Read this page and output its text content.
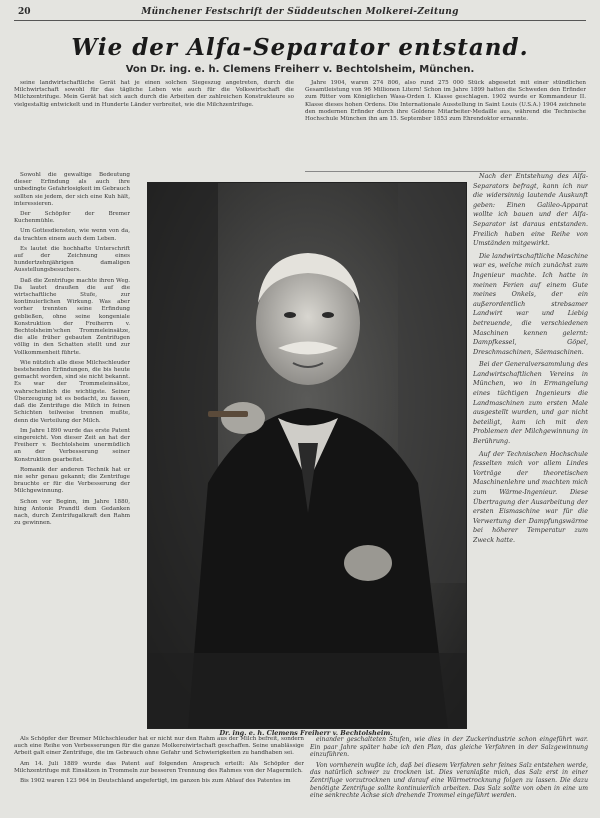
20	Münchener Festschrift der Süddeutschen Molkerei-Zeitung
Wie der Alfa-Separator entstand.
Von Dr. ing. e. h. Clemens Freiherr v. Bechtolsheim, München.

seine landwirtschaftliche Gerät hat je einen solchen Siegeszug angetreten, durch die Milchwirtschaft sowohl für das tägliche Leben wie auch für die Volkswirtschaft die Milchzentrifuge. Mein Gerät hat sich auch durch die Arbeiten der zahlreichen Konstrukteure so vielgestaltig entwickelt und in Hunderte Länder verbreitet, wie die Milchzentrifuge.

Jahre 1904, waren 274 806, also rund 275 000 Stück abgesetzt mit einer stündlichen Gesamtleistung von 96 Millionen Litern! Schon im Jahre 1899 hatten die Schweden den Erfinder zum Ritter vom Königlichen Wasa-Orden I. Klasse geschlagen. 1902 wurde er Kommandeur II. Klasse dieses hohen Ordens. Die Internationale Ausstellung in Saint Louis (U.S.A.) 1904 zeichnete den modernen Erfinder durch ihre Goldene Mitarbeiter-Medaille aus, während die Technische Hochschule München ihn am 15. September 1853 zum Ehrendoktor ernannte.

Sowohl die gewaltige Bedeutung dieser Erfindung als auch ihre unbedingte Gefahrlosigkeit im Gebrauch sollten sie jedem, der sich eine Kuh hält, interessieren.

Der Schöpfer der Bremer Kuchenmühle.

Um Gottesdiensten, wie wenn von da, da trachten einem auch dem Leben.

Es lautet die hochhafte Unterschrift auf der Zeichnung eines hundertzehnjährigen damaligen Ausstellungsbesuchers.

Daß die Zentrifuge machte ihren Weg. Da lautet draußen die auf die wirtschaftliche Stufe, zur kontinuierlichen Wirkung. Was aber vorher trennten seine Erfindung gebließen, ohne seine kongeniale Konstruktion der Freiherrn v. Bechtolsheim'schen Trommeleinsätze, die alle früher gebauten Zentrifugen völlig in den Schatten stellt und zur Vollkommenheit führte.

Wie nützlich alle diese Milchschleuder bestehenden Erfindungen, die bis heute gemacht worden, sind sie nicht bekannt. Es war der Trommeleinsätze, wahrscheinlich die wichtigste. Seiner Überzeugung ist es bedacht, zu fassen, daß die Zentrifuge die Milch in feinen Schichten teilweise trennen mußte, denn die Verteilung der Milch.

Im Jahre 1890 wurde das erste Patent eingereicht. Von dieser Zeit an hat der Freiherr v. Bechtolsheim unermüdlich an der Verbesserung seiner Konstruktion gearbeitet.

Romanik der anderen Technik hat er nie sehr genau gekannt; die Zentrifuge brauchte er für die Verbesserung der Milchgewinnung.

Schon vor Beginn, im Jahre 1880, hing Antonie Prandtl dem Gedanken nach, durch Zentrifugalkraft den Rahm zu gewinnen.

Dr. ing. e. h. Clemens Freiherr v. Bechtolsheim.

Nach der Entstehung des Alfa-Separators befragt, kann ich nur die widersinnig lautende Auskunft geben: Einen Galileo-Apparat wollte ich bauen und der Alfa-Separator ist daraus entstanden. Freilich haben eine Reihe von Umständen mitgewirkt.

Die landwirtschaftliche Maschine war es, welche mich zunächst zum Ingenieur machte. Ich hatte in meinen Ferien auf einem Gute meines Onkels, der ein außerordentlich strebsamer Landwirt war und Liebig betreuende, die verschiedenen Maschinen kennen gelernt: Dampfkessel, Göpel, Dreschmaschinen, Säemaschinen.

Bei der Generalversammlung des Landwirtschaftlichen Vereins in München, wo in Ermangelung eines tüchtigen Ingenieurs die Landmaschinen zum ersten Male ausgestellt wurden, und gar nicht beteiligt, kam ich mit den Problemen der Milchgewinnung in Berührung.

Auf der Technischen Hochschule fesselten mich vor allem Lindes Vorträge der theoretischen Maschinenlehre und machten mich zum Wärme-Ingenieur. Diese Übertragung der Ausarbeitung der ersten Eismaschine war für die Verwertung der Dampfungswärme bei höherer Temperatur zum Zweck hatte.

Als Schöpfer der Bremer Milchschleuder hat er nicht nur den Rahm aus der Milch befreit, sondern auch eine Reihe von Verbesserungen für die ganze Molkereiwirtschaft geschaffen. Seine unablässige Arbeit galt einer Zentrifuge, die im Gebrauch ohne Gefahr und Schwierigkeiten zu handhaben sei.

Am 14. Juli 1889 wurde das Patent auf folgenden Anspruch erteilt: Als Schöpfer der Milchzentrifuge mit Einsätzen in Trommeln zur besseren Trennung des Rahmes von der Magermilch.

Bis 1902 waren 123 964 in Deutschland angefertigt, im ganzen bis zum Ablauf des Patentes im

einander geschalteten Stufen, wie dies in der Zuckerindustrie schon eingeführt war. Ein paar Jahre später habe ich den Plan, das gleiche Verfahren in der Salzgewinnung einzuführen.

Von vornherein wußte ich, daß bei diesem Verfahren sehr feines Salz entstehen werde, das natürlich schwer zu trocknen ist. Dies veranlaßte mich, das Salz erst in einer Zentrifuge vorzutrocknen und darauf eine Wärmetrocknung folgen zu lassen. Die dazu benötigte Zentrifuge sollte kontinuierlich arbeiten. Das Salz sollte von oben in eine um eine senkrechte Achse sich drehende Trommel eingeführt werden.
